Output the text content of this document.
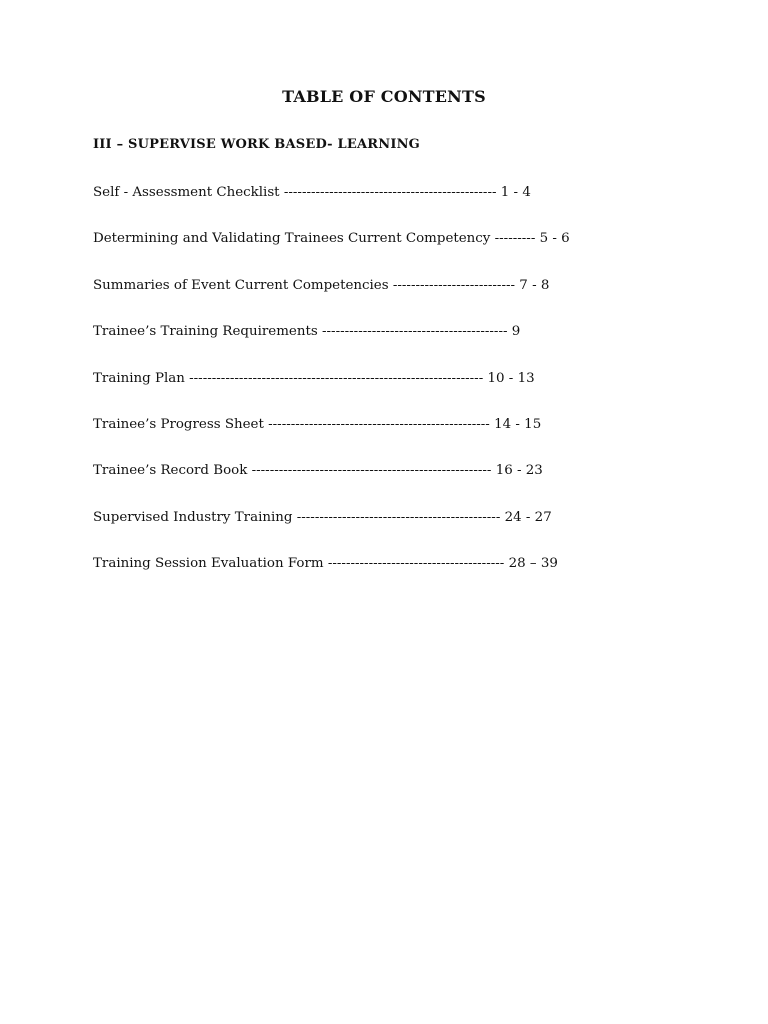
TABLE OF CONTENTS
III – SUPERVISE WORK BASED- LEARNING
Self - Assessment Checklist ----------------------------------------------- 1 - 4
Determining and Validating Trainees Current Competency --------- 5 - 6
Summaries of Event Current Competencies --------------------------- 7 - 8
Trainee’s Training Requirements ----------------------------------------- 9
Training Plan ----------------------------------------------------------------- 10 - 13
Trainee’s Progress Sheet ------------------------------------------------- 14 - 15
Trainee’s Record Book ----------------------------------------------------- 16 - 23
Supervised Industry Training --------------------------------------------- 24 - 27
Training Session Evaluation Form --------------------------------------- 28 – 39
